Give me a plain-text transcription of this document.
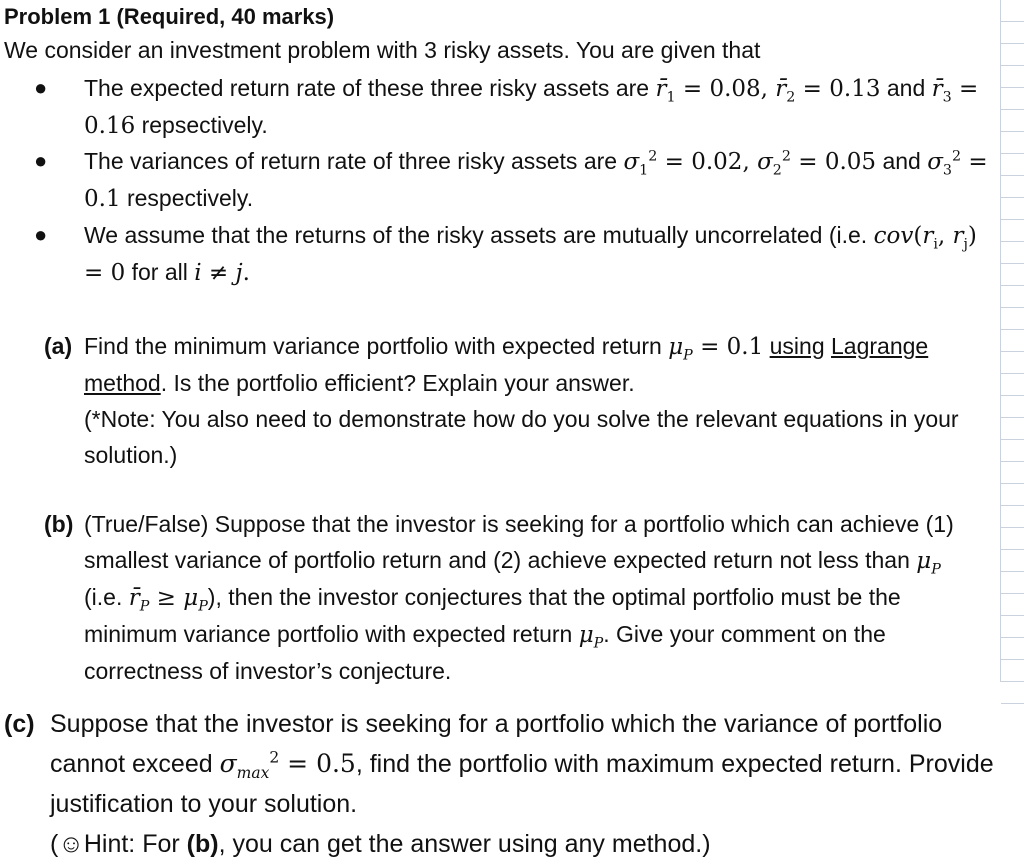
Problem 1 (Required, 40 marks)
We consider an investment problem with 3 risky assets. You are given that
● The expected return rate of these three risky assets are $r̄_1 = 0.08$, $r̄_2 = 0.13$ and $r̄_3 = 0.16$ repsectively.
● The variances of return rate of three risky assets are $\sigma_1^2 = 0.02$, $\sigma_2^2 = 0.05$ and $\sigma_3^2 = 0.1$ respectively.
● We assume that the returns of the risky assets are mutually uncorrelated (i.e. $cov(r_i$, $r_j) = 0$ for all i ≠ j.
(a) Find the minimum variance portfolio with expected return $\mu_P = 0.1$ using Lagrange method. Is the portfolio efficient? Explain your answer.
(*Note: You also need to demonstrate how do you solve the relevant equations in your solution.)
(b) (True/False) Suppose that the investor is seeking for a portfolio which can achieve (1) smallest variance of portfolio return and (2) achieve expected return not less than $\mu_P$ (i.e. $r̄_P \ge \mu_P$), then the investor conjectures that the optimal portfolio must be the minimum variance portfolio with expected return $\mu_P$. Give your comment on the correctness of investor’s conjecture.
(c) Suppose that the investor is seeking for a portfolio which the variance of portfolio cannot exceed $\sigma_{max}^2 = 0.5$, find the portfolio with maximum expected return. Provide justification to your solution.
(☺Hint: For (b), you can get the answer using any method.)
